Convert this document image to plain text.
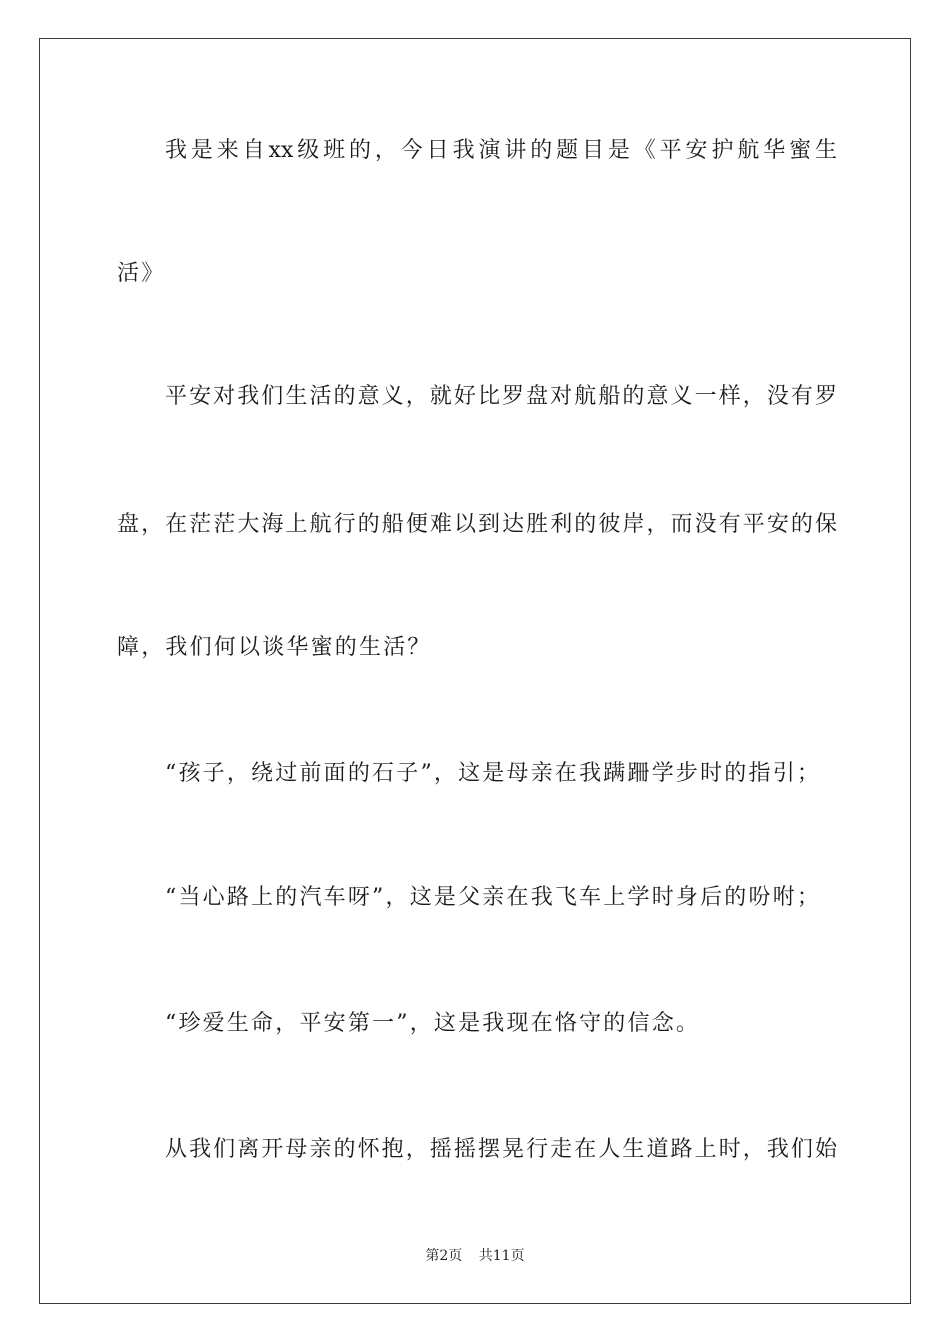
我是来自xx级班的，今日我演讲的题目是《平安护航华蜜生
活》
平安对我们生活的意义，就好比罗盘对航船的意义一样，没有罗
盘，在茫茫大海上航行的船便难以到达胜利的彼岸，而没有平安的保
障，我们何以谈华蜜的生活？
“孩子，绕过前面的石子”，这是母亲在我蹒跚学步时的指引；
“当心路上的汽车呀”，这是父亲在我飞车上学时身后的吩咐；
“珍爱生命，平安第一”，这是我现在恪守的信念。
从我们离开母亲的怀抱，摇摇摆晃行走在人生道路上时，我们始
第2页 共11页
